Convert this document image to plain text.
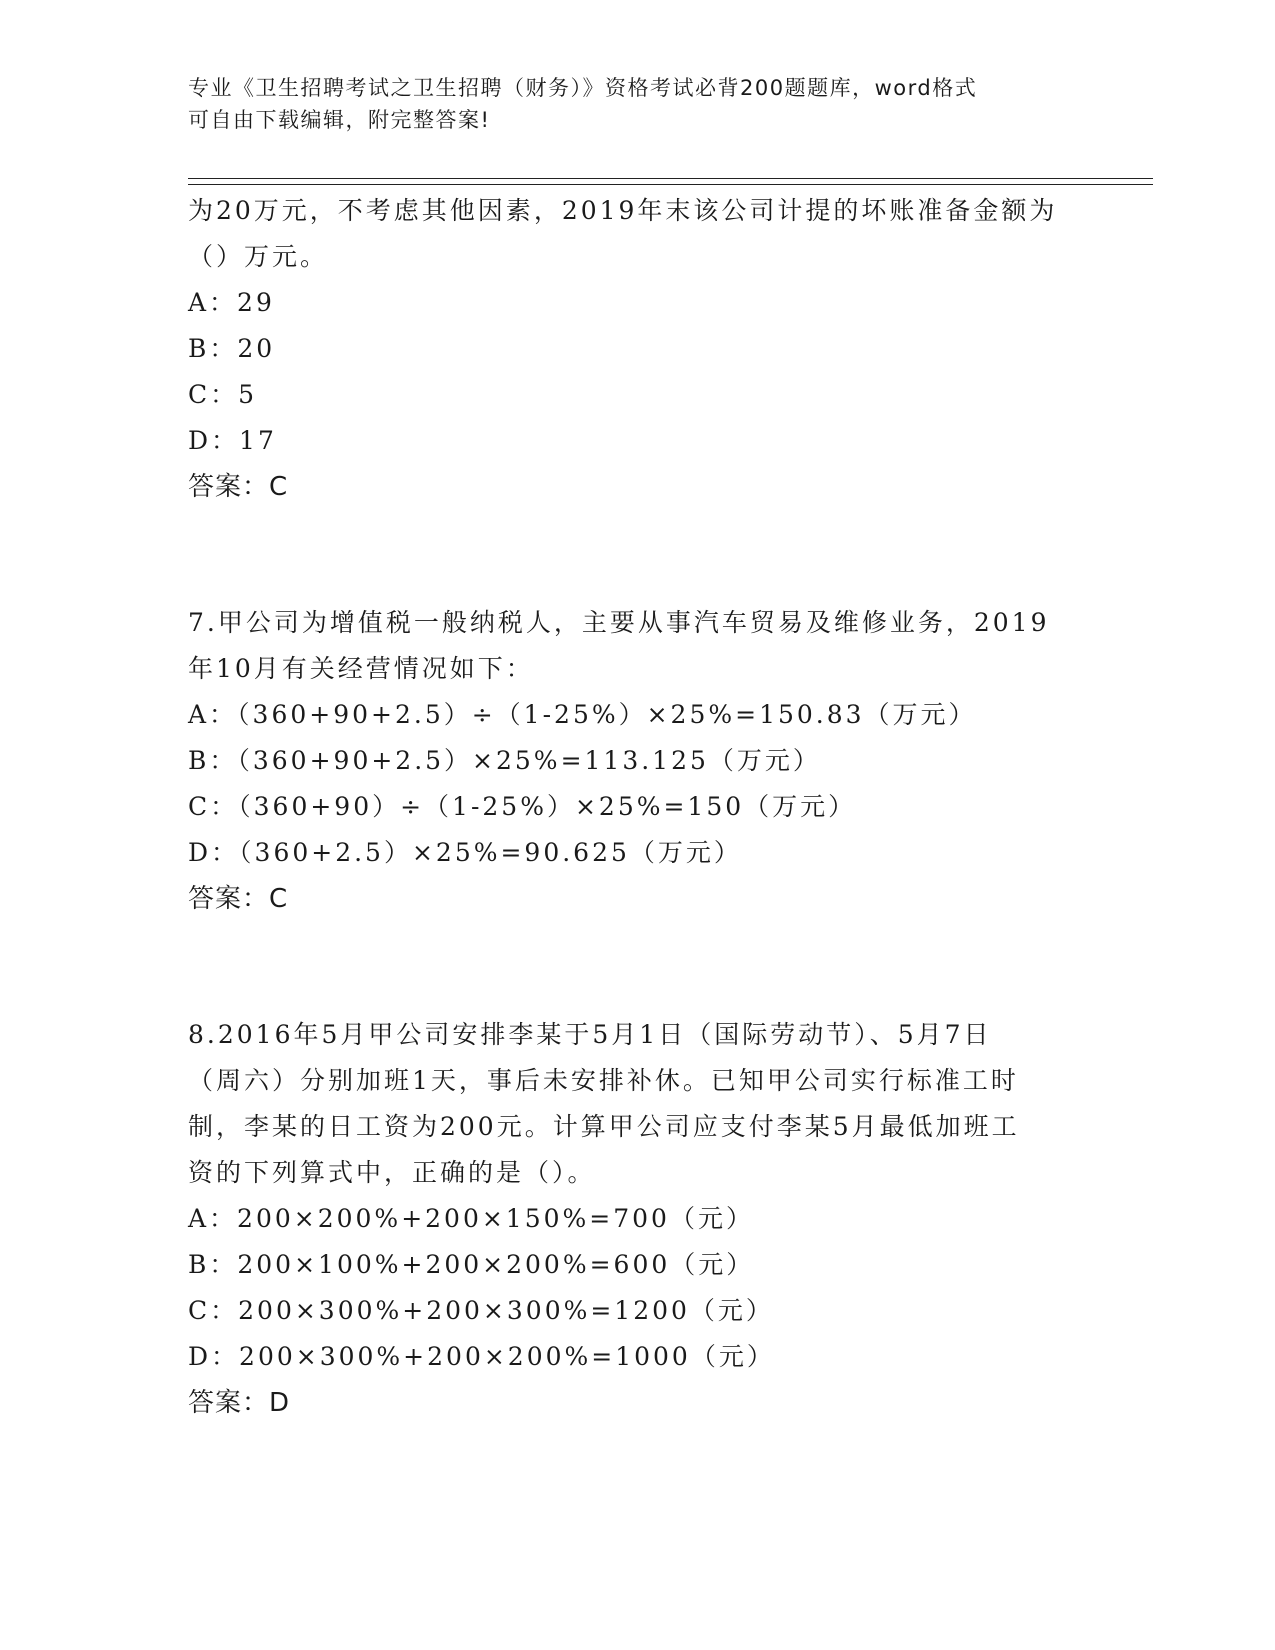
专业《卫生招聘考试之卫生招聘（财务）》资格考试必背200题题库，word格式
可自由下载编辑，附完整答案!
为20万元，不考虑其他因素，2019年末该公司计提的坏账准备金额为
（）万元。
A：29
B：20
C：5
D：17
答案：C
7.甲公司为增值税一般纳税人，主要从事汽车贸易及维修业务，2019
年10月有关经营情况如下：
A：（360+90+2.5）÷（1-25%）×25%=150.83（万元）
B：（360+90+2.5）×25%=113.125（万元）
C：（360+90）÷（1-25%）×25%=150（万元）
D：（360+2.5）×25%=90.625（万元）
答案：C
8.2016年5月甲公司安排李某于5月1日（国际劳动节）、5月7日
（周六）分别加班1天，事后未安排补休。已知甲公司实行标准工时
制，李某的日工资为200元。计算甲公司应支付李某5月最低加班工
资的下列算式中，正确的是（）。
A：200×200%+200×150%=700（元）
B：200×100%+200×200%=600（元）
C：200×300%+200×300%=1200（元）
D：200×300%+200×200%=1000（元）
答案：D
